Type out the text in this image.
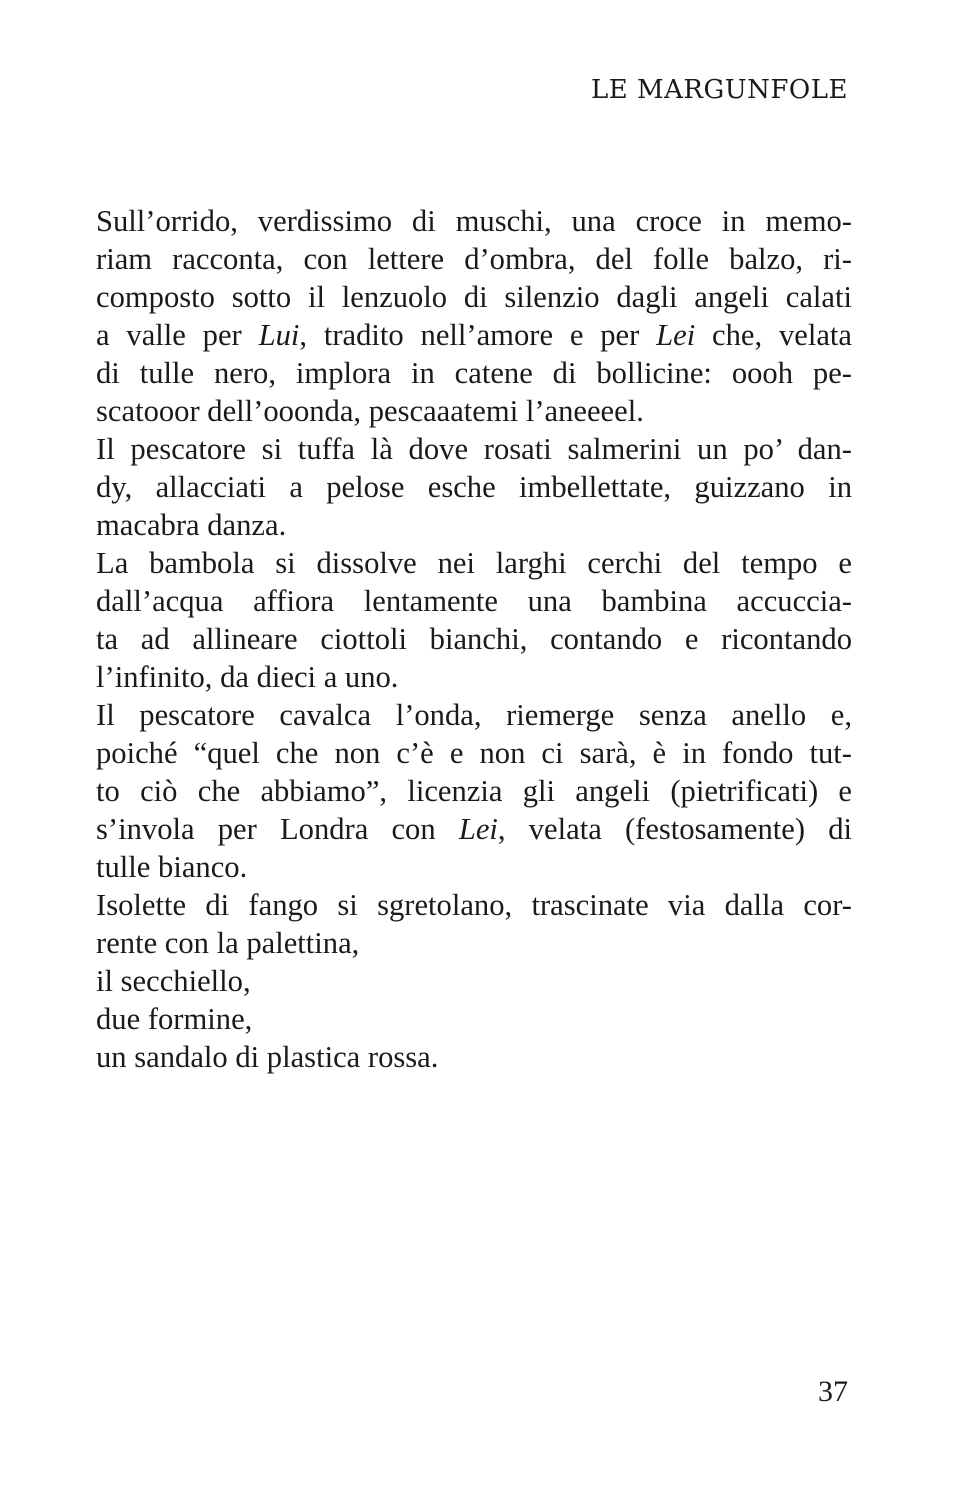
LE MARGUNFOLE
Sull’orrido, verdissimo di muschi, una croce in memo-
riam racconta, con lettere d’ombra, del folle balzo, ri-
composto sotto il lenzuolo di silenzio dagli angeli calati
a valle per Lui, tradito nell’amore e per Lei che, velata
di tulle nero, implora in catene di bollicine: oooh pe-
scatooor dell’ooonda, pescaaatemi l’aneeeel.
Il pescatore si tuffa là dove rosati salmerini un po’ dan-
dy, allacciati a pelose esche imbellettate, guizzano in
macabra danza.
La bambola si dissolve nei larghi cerchi del tempo e
dall’acqua affiora lentamente una bambina accuccia-
ta ad allineare ciottoli bianchi, contando e ricontando
l’infinito, da dieci a uno.
Il pescatore cavalca l’onda, riemerge senza anello e,
poiché “quel che non c’è e non ci sarà, è in fondo tut-
to ciò che abbiamo”, licenzia gli angeli (pietrificati) e
s’invola per Londra con Lei, velata (festosamente) di
tulle bianco.
Isolette di fango si sgretolano, trascinate via dalla cor-
rente con la palettina,
il secchiello,
due formine,
un sandalo di plastica rossa.
37
